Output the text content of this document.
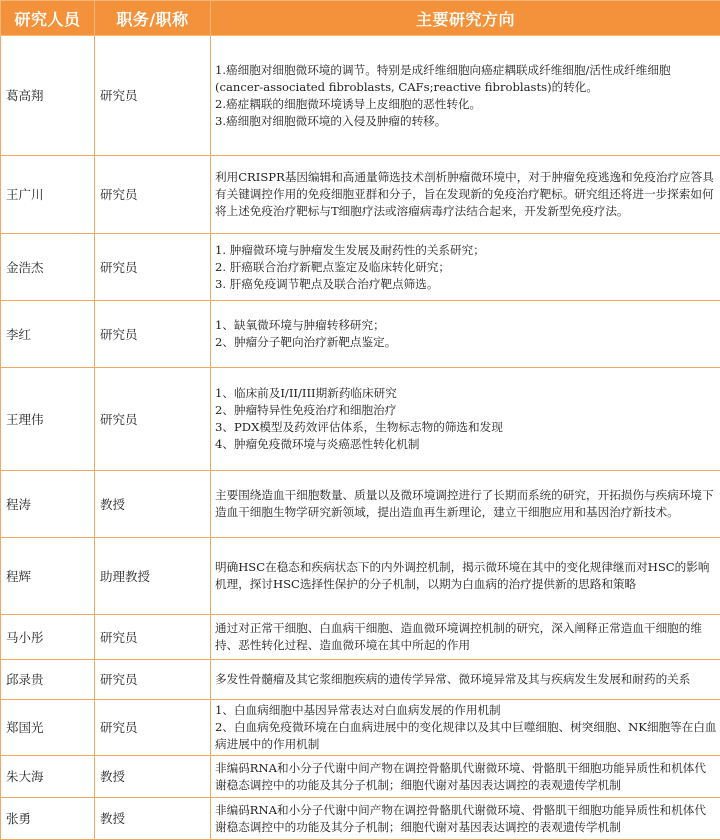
研究人员	职务/职称	主要研究方向
葛高翔	研究员	1.癌细胞对细胞微环境的调节。特别是成纤维细胞向癌症耦联成纤维细胞/活性成纤维细胞(cancer-associated fibroblasts, CAFs;reactive fibroblasts)的转化。
2.癌症耦联的细胞微环境诱导上皮细胞的恶性转化。
3.癌细胞对细胞微环境的入侵及肿瘤的转移。

王广川	研究员	利用CRISPR基因编辑和高通量筛选技术剖析肿瘤微环境中，对于肿瘤免疫逃逸和免疫治疗应答具有关键调控作用的免疫细胞亚群和分子，旨在发现新的免疫治疗靶标。研究组还将进一步探索如何将上述免疫治疗靶标与T细胞疗法或溶瘤病毒疗法结合起来，开发新型免疫疗法。

金浩杰	研究员	1. 肿瘤微环境与肿瘤发生发展及耐药性的关系研究；
2. 肝癌联合治疗新靶点鉴定及临床转化研究；
3. 肝癌免疫调节靶点及联合治疗靶点筛选。

李红	研究员	1、缺氧微环境与肿瘤转移研究；
2、肿瘤分子靶向治疗新靶点鉴定。

王理伟	研究员	1、临床前及I/II/III期新药临床研究
2、肿瘤特异性免疫治疗和细胞治疗
3、PDX模型及药效评估体系，生物标志物的筛选和发现
4、肿瘤免疫微环境与炎癌恶性转化机制

程涛	教授	主要围绕造血干细胞数量、质量以及微环境调控进行了长期而系统的研究，开拓损伤与疾病环境下造血干细胞生物学研究新领域，提出造血再生新理论，建立干细胞应用和基因治疗新技术。

程辉	助理教授	明确HSC在稳态和疾病状态下的内外调控机制，揭示微环境在其中的变化规律继而对HSC的影响机理，探讨HSC选择性保护的分子机制，以期为白血病的治疗提供新的思路和策略

马小彤	研究员	通过对正常干细胞、白血病干细胞、造血微环境调控机制的研究，深入阐释正常造血干细胞的维持、恶性转化过程、造血微环境在其中所起的作用

邱录贵	研究员	多发性骨髓瘤及其它浆细胞疾病的遗传学异常、微环境异常及其与疾病发生发展和耐药的关系

郑国光	研究员	1、白血病细胞中基因异常表达对白血病发展的作用机制
2、白血病免疫微环境在白血病进展中的变化规律以及其中巨噬细胞、树突细胞、NK细胞等在白血病进展中的作用机制

朱大海	教授	非编码RNA和小分子代谢中间产物在调控骨骼肌代谢微环境、骨骼肌干细胞功能异质性和机体代谢稳态调控中的功能及其分子机制；细胞代谢对基因表达调控的表观遗传学机制

张勇	教授	非编码RNA和小分子代谢中间产物在调控骨骼肌代谢微环境、骨骼肌干细胞功能异质性和机体代谢稳态调控中的功能及其分子机制；细胞代谢对基因表达调控的表观遗传学机制
